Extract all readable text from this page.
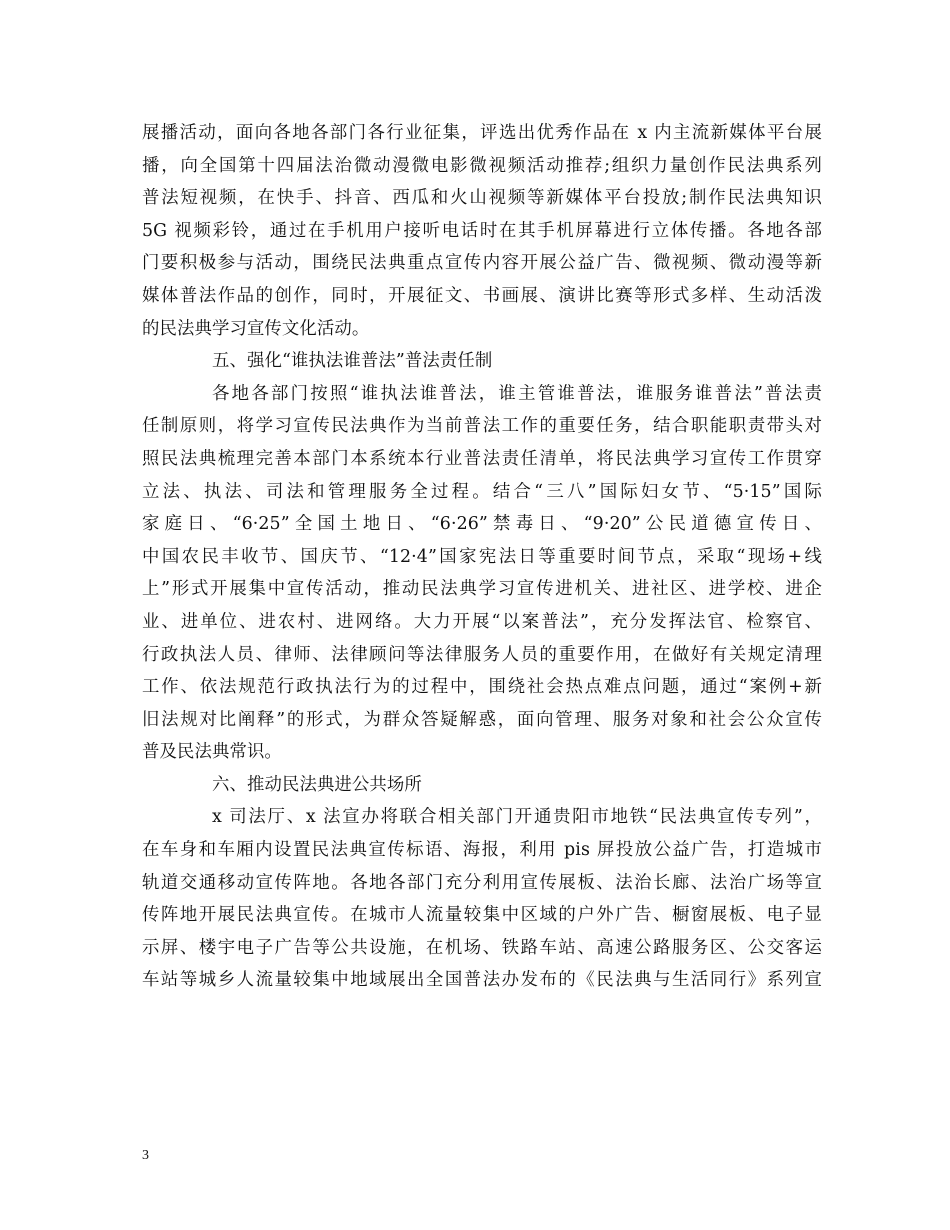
展播活动，面向各地各部门各行业征集，评选出优秀作品在 x 内主流新媒体平台展
播，向全国第十四届法治微动漫微电影微视频活动推荐;组织力量创作民法典系列
普法短视频，在快手、抖音、西瓜和火山视频等新媒体平台投放;制作民法典知识
5G 视频彩铃，通过在手机用户接听电话时在其手机屏幕进行立体传播。各地各部
门要积极参与活动，围绕民法典重点宣传内容开展公益广告、微视频、微动漫等新
媒体普法作品的创作，同时，开展征文、书画展、演讲比赛等形式多样、生动活泼
的民法典学习宣传文化活动。
五、强化“谁执法谁普法”普法责任制
各地各部门按照“谁执法谁普法，谁主管谁普法，谁服务谁普法”普法责
任制原则，将学习宣传民法典作为当前普法工作的重要任务，结合职能职责带头对
照民法典梳理完善本部门本系统本行业普法责任清单，将民法典学习宣传工作贯穿
立法、执法、司法和管理服务全过程。结合“三八”国际妇女节、“5·15”国际
家庭日、“6·25”全国土地日、“6·26”禁毒日、“9·20”公民道德宣传日、
中国农民丰收节、国庆节、“12·4”国家宪法日等重要时间节点，采取“现场+线
上”形式开展集中宣传活动，推动民法典学习宣传进机关、进社区、进学校、进企
业、进单位、进农村、进网络。大力开展“以案普法”，充分发挥法官、检察官、
行政执法人员、律师、法律顾问等法律服务人员的重要作用，在做好有关规定清理
工作、依法规范行政执法行为的过程中，围绕社会热点难点问题，通过“案例+新
旧法规对比阐释”的形式，为群众答疑解惑，面向管理、服务对象和社会公众宣传
普及民法典常识。
六、推动民法典进公共场所
x 司法厅、x 法宣办将联合相关部门开通贵阳市地铁“民法典宣传专列”，
在车身和车厢内设置民法典宣传标语、海报，利用 pis 屏投放公益广告，打造城市
轨道交通移动宣传阵地。各地各部门充分利用宣传展板、法治长廊、法治广场等宣
传阵地开展民法典宣传。在城市人流量较集中区域的户外广告、橱窗展板、电子显
示屏、楼宇电子广告等公共设施，在机场、铁路车站、高速公路服务区、公交客运
车站等城乡人流量较集中地域展出全国普法办发布的《民法典与生活同行》系列宣
3
